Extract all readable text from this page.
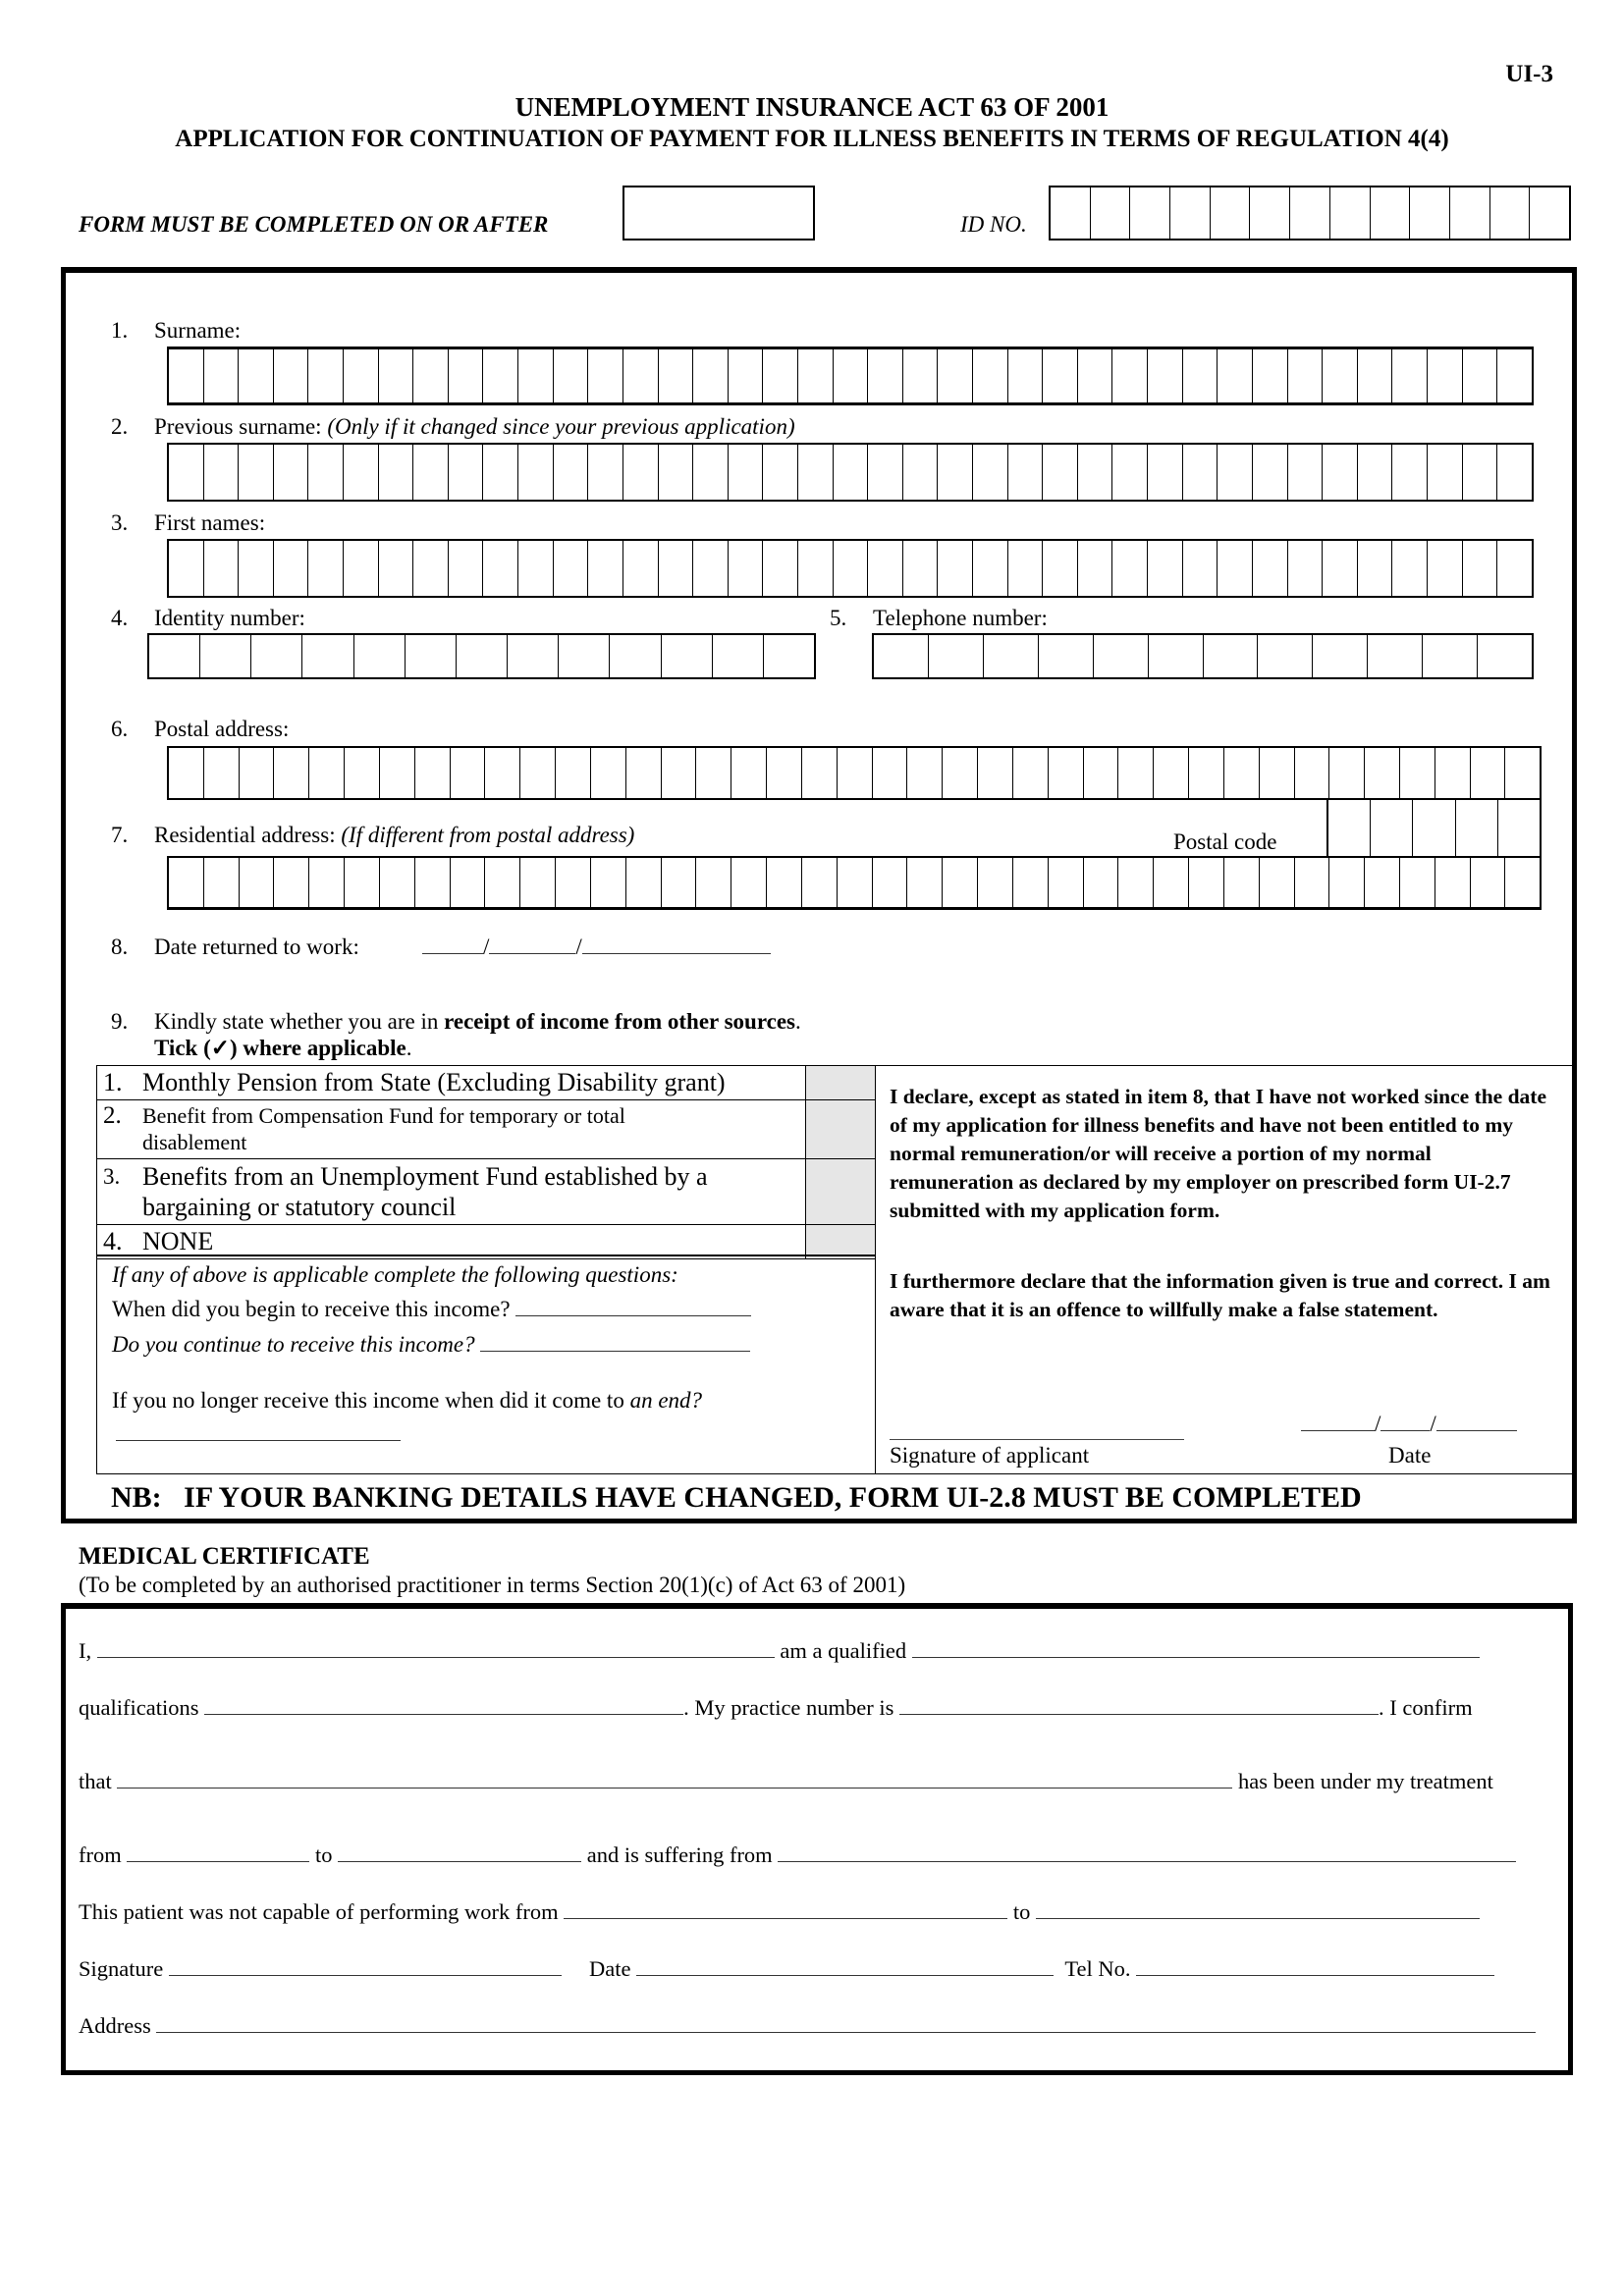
UI-3
UNEMPLOYMENT INSURANCE ACT 63 OF 2001
APPLICATION FOR CONTINUATION OF PAYMENT FOR ILLNESS BENEFITS IN TERMS OF REGULATION 4(4)
FORM MUST BE COMPLETED ON OR AFTER	ID NO.
1. Surname:
2. Previous surname: (Only if it changed since your previous application)
3. First names:
4. Identity number:	5. Telephone number:
6. Postal address:
Postal code
7. Residential address: (If different from postal address)
8. Date returned to work:	/	/
9. Kindly state whether you are in receipt of income from other sources.
Tick (✓) where applicable.
1. Monthly Pension from State (Excluding Disability grant)	

2. Benefit from Compensation Fund for temporary or total disablement	

3. Benefits from an Unemployment Fund established by a bargaining or statutory council	

4. NONE	
If any of above is applicable complete the following questions:
When did you begin to receive this income?
Do you continue to receive this income?
If you no longer receive this income when did it come to an end?
I declare, except as stated in item 8, that I have not worked since the date of my application for illness benefits and have not been entitled to my normal remuneration/or will receive a portion of my normal remuneration as declared by my employer on prescribed form UI-2.7 submitted with my application form.
I furthermore declare that the information given is true and correct. I am aware that it is an offence to willfully make a false statement.
Signature of applicant
/ /
Date
NB:   IF YOUR BANKING DETAILS HAVE CHANGED, FORM UI-2.8 MUST BE COMPLETED
MEDICAL CERTIFICATE
(To be completed by an authorised practitioner in terms Section 20(1)(c) of Act 63 of 2001)
I,	am a qualified
qualifications	. My practice number is	. I confirm
that	has been under my treatment
from	to	and is suffering from
This patient was not capable of performing work from	to
Signature	Date	Tel No.
Address
